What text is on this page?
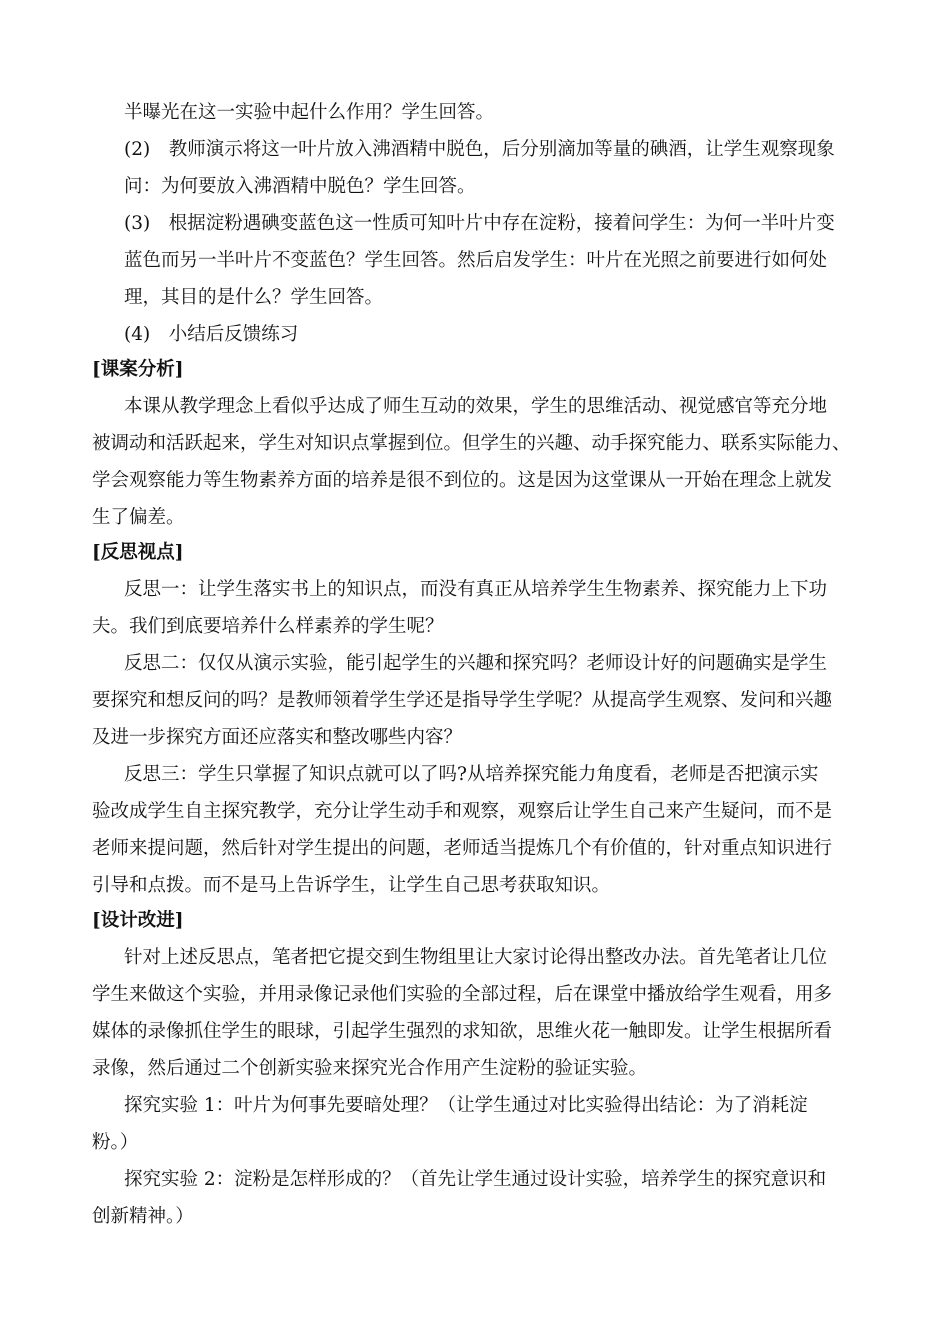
半曝光在这一实验中起什么作用？学生回答。
(2)　教师演示将这一叶片放入沸酒精中脱色，后分别滴加等量的碘酒，让学生观察现象
问：为何要放入沸酒精中脱色？学生回答。
(3)　根据淀粉遇碘变蓝色这一性质可知叶片中存在淀粉，接着问学生：为何一半叶片变
蓝色而另一半叶片不变蓝色？学生回答。然后启发学生：叶片在光照之前要进行如何处
理，其目的是什么？学生回答。
(4)　小结后反馈练习
[课案分析]
本课从教学理念上看似乎达成了师生互动的效果，学生的思维活动、视觉感官等充分地
被调动和活跃起来，学生对知识点掌握到位。但学生的兴趣、动手探究能力、联系实际能力、
学会观察能力等生物素养方面的培养是很不到位的。这是因为这堂课从一开始在理念上就发
生了偏差。
[反思视点]
反思一：让学生落实书上的知识点，而没有真正从培养学生生物素养、探究能力上下功
夫。我们到底要培养什么样素养的学生呢？
反思二：仅仅从演示实验，能引起学生的兴趣和探究吗？老师设计好的问题确实是学生
要探究和想反问的吗？是教师领着学生学还是指导学生学呢？从提高学生观察、发问和兴趣
及进一步探究方面还应落实和整改哪些内容？
反思三：学生只掌握了知识点就可以了吗?从培养探究能力角度看，老师是否把演示实
验改成学生自主探究教学，充分让学生动手和观察，观察后让学生自己来产生疑问，而不是
老师来提问题，然后针对学生提出的问题，老师适当提炼几个有价值的，针对重点知识进行
引导和点拨。而不是马上告诉学生，让学生自己思考获取知识。
[设计改进]
针对上述反思点，笔者把它提交到生物组里让大家讨论得出整改办法。首先笔者让几位
学生来做这个实验，并用录像记录他们实验的全部过程，后在课堂中播放给学生观看，用多
媒体的录像抓住学生的眼球，引起学生强烈的求知欲，思维火花一触即发。让学生根据所看
录像，然后通过二个创新实验来探究光合作用产生淀粉的验证实验。
探究实验 1：叶片为何事先要暗处理？（让学生通过对比实验得出结论：为了消耗淀
粉。）
探究实验 2：淀粉是怎样形成的？（首先让学生通过设计实验，培养学生的探究意识和
创新精神。）
